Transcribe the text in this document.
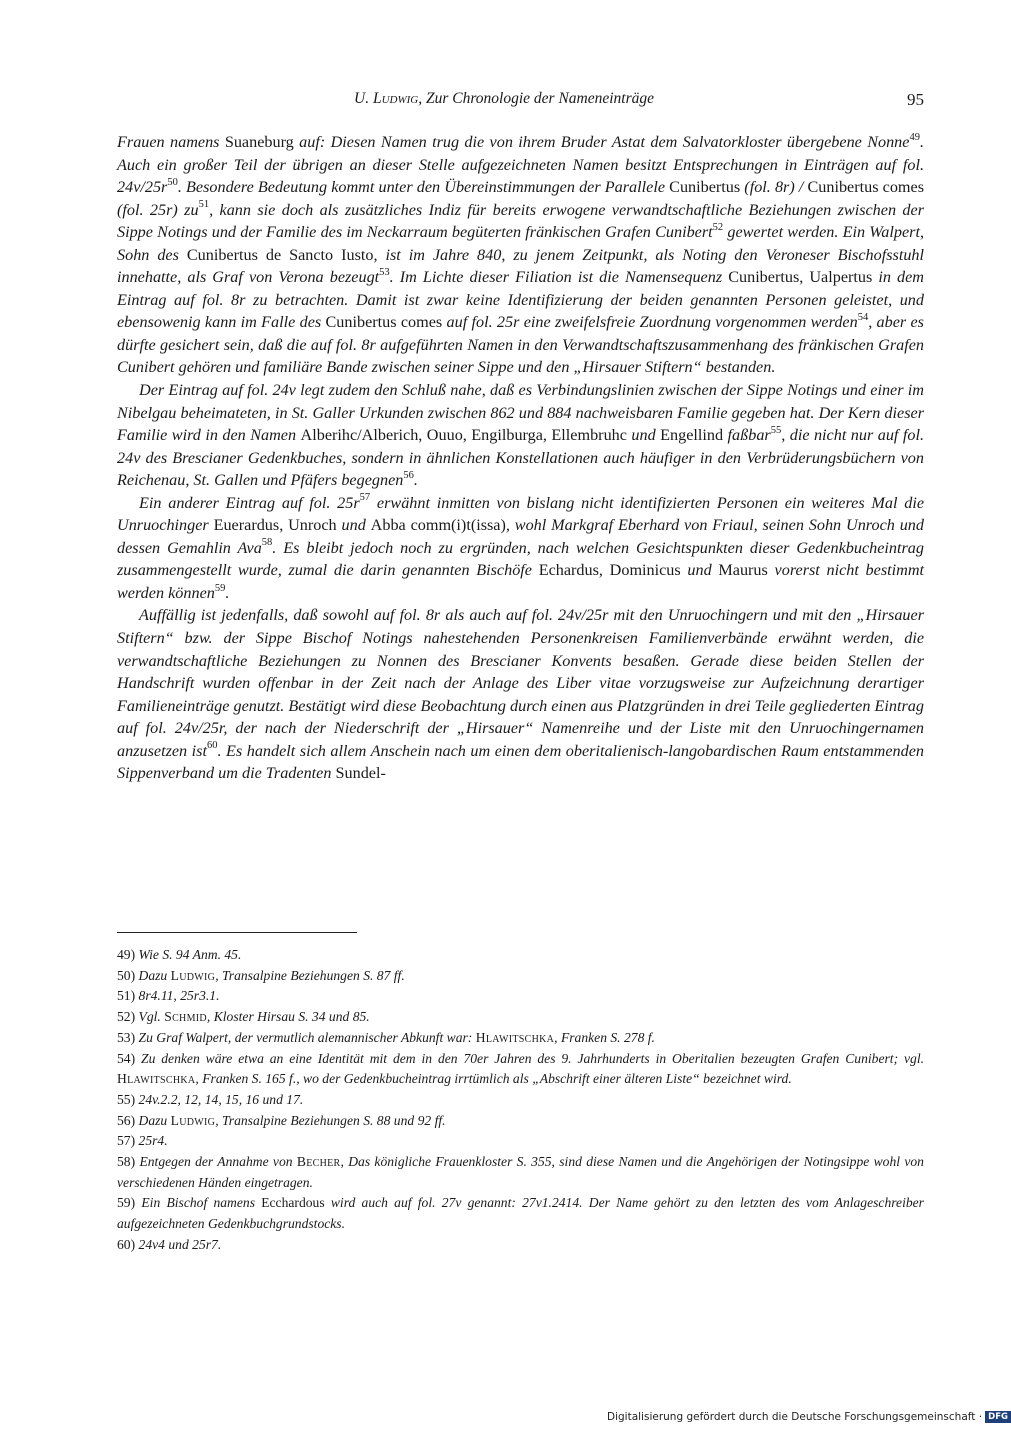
U. Ludwig, Zur Chronologie der Nameneinträge	95

Frauen namens Suaneburg auf: Diesen Namen trug die von ihrem Bruder Astat dem Salvatorkloster übergebene Nonne$^{49}$. Auch ein großer Teil der übrigen an dieser Stelle aufgezeichneten Namen besitzt Entsprechungen in Einträgen auf fol. 24v/25r$^{50}$. Besondere Bedeutung kommt unter den Übereinstimmungen der Parallele Cunibertus (fol. 8r) / Cunibertus comes (fol. 25r) zu$^{51}$, kann sie doch als zusätzliches Indiz für bereits erwogene verwandtschaftliche Beziehungen zwischen der Sippe Notings und der Familie des im Neckarraum begüterten fränkischen Grafen Cunibert$^{52}$ gewertet werden. Ein Walpert, Sohn des Cunibertus de Sancto Iusto, ist im Jahre 840, zu jenem Zeitpunkt, als Noting den Veroneser Bischofsstuhl innehatte, als Graf von Verona bezeugt$^{53}$. Im Lichte dieser Filiation ist die Namensequenz Cunibertus, Ualpertus in dem Eintrag auf fol. 8r zu betrachten. Damit ist zwar keine Identifizierung der beiden genannten Personen geleistet, und ebensowenig kann im Falle des Cunibertus comes auf fol. 25r eine zweifelsfreie Zuordnung vorgenommen werden$^{54}$, aber es dürfte gesichert sein, daß die auf fol. 8r aufgeführten Namen in den Verwandtschaftszusammenhang des fränkischen Grafen Cunibert gehören und familiäre Bande zwischen seiner Sippe und den „Hirsauer Stiftern“ bestanden.

Der Eintrag auf fol. 24v legt zudem den Schluß nahe, daß es Verbindungslinien zwischen der Sippe Notings und einer im Nibelgau beheimateten, in St. Galler Urkunden zwischen 862 und 884 nachweisbaren Familie gegeben hat. Der Kern dieser Familie wird in den Namen Alberihc/Alberich, Ouuo, Engilburga, Ellembruhc und Engellind faßbar$^{55}$, die nicht nur auf fol. 24v des Brescianer Gedenkbuches, sondern in ähnlichen Konstellationen auch häufiger in den Verbrüderungsbüchern von Reichenau, St. Gallen und Pfäfers begegnen$^{56}$.

Ein anderer Eintrag auf fol. 25r$^{57}$ erwähnt inmitten von bislang nicht identifizierten Personen ein weiteres Mal die Unruochinger Euerardus, Unroch und Abba comm(i)t(issa), wohl Markgraf Eberhard von Friaul, seinen Sohn Unroch und dessen Gemahlin Ava$^{58}$. Es bleibt jedoch noch zu ergründen, nach welchen Gesichtspunkten dieser Gedenkbucheintrag zusammengestellt wurde, zumal die darin genannten Bischöfe Echardus, Dominicus und Maurus vorerst nicht bestimmt werden können$^{59}$.

Auffällig ist jedenfalls, daß sowohl auf fol. 8r als auch auf fol. 24v/25r mit den Unruochingern und mit den „Hirsauer Stiftern“ bzw. der Sippe Bischof Notings nahestehenden Personenkreisen Familienverbände erwähnt werden, die verwandtschaftliche Beziehungen zu Nonnen des Brescianer Konvents besaßen. Gerade diese beiden Stellen der Handschrift wurden offenbar in der Zeit nach der Anlage des Liber vitae vorzugsweise zur Aufzeichnung derartiger Familieneinträge genutzt. Bestätigt wird diese Beobachtung durch einen aus Platzgründen in drei Teile gegliederten Eintrag auf fol. 24v/25r, der nach der Niederschrift der „Hirsauer“ Namenreihe und der Liste mit den Unruochingernamen anzusetzen ist$^{60}$. Es handelt sich allem Anschein nach um einen dem oberitalienisch-langobardischen Raum entstammenden Sippenverband um die Tradenten Sundel-

49) Wie S. 94 Anm. 45.

50) Dazu Ludwig, Transalpine Beziehungen S. 87 ff.

51) 8r4.11, 25r3.1.

52) Vgl. Schmid, Kloster Hirsau S. 34 und 85.

53) Zu Graf Walpert, der vermutlich alemannischer Abkunft war: Hlawitschka, Franken S. 278 f.

54) Zu denken wäre etwa an eine Identität mit dem in den 70er Jahren des 9. Jahrhunderts in Oberitalien bezeugten Grafen Cunibert; vgl. Hlawitschka, Franken S. 165 f., wo der Gedenkbucheintrag irrtümlich als „Abschrift einer älteren Liste“ bezeichnet wird.

55) 24v.2.2, 12, 14, 15, 16 und 17.

56) Dazu Ludwig, Transalpine Beziehungen S. 88 und 92 ff.

57) 25r4.

58) Entgegen der Annahme von Becher, Das königliche Frauenkloster S. 355, sind diese Namen und die Angehörigen der Notingsippe wohl von verschiedenen Händen eingetragen.

59) Ein Bischof namens Ecchardous wird auch auf fol. 27v genannt: 27v1.2414. Der Name gehört zu den letzten des vom Anlageschreiber aufgezeichneten Gedenkbuchgrundstocks.

60) 24v4 und 25r7.

Digitalisierung gefördert durch die Deutsche Forschungsgemeinschaft · DFG
